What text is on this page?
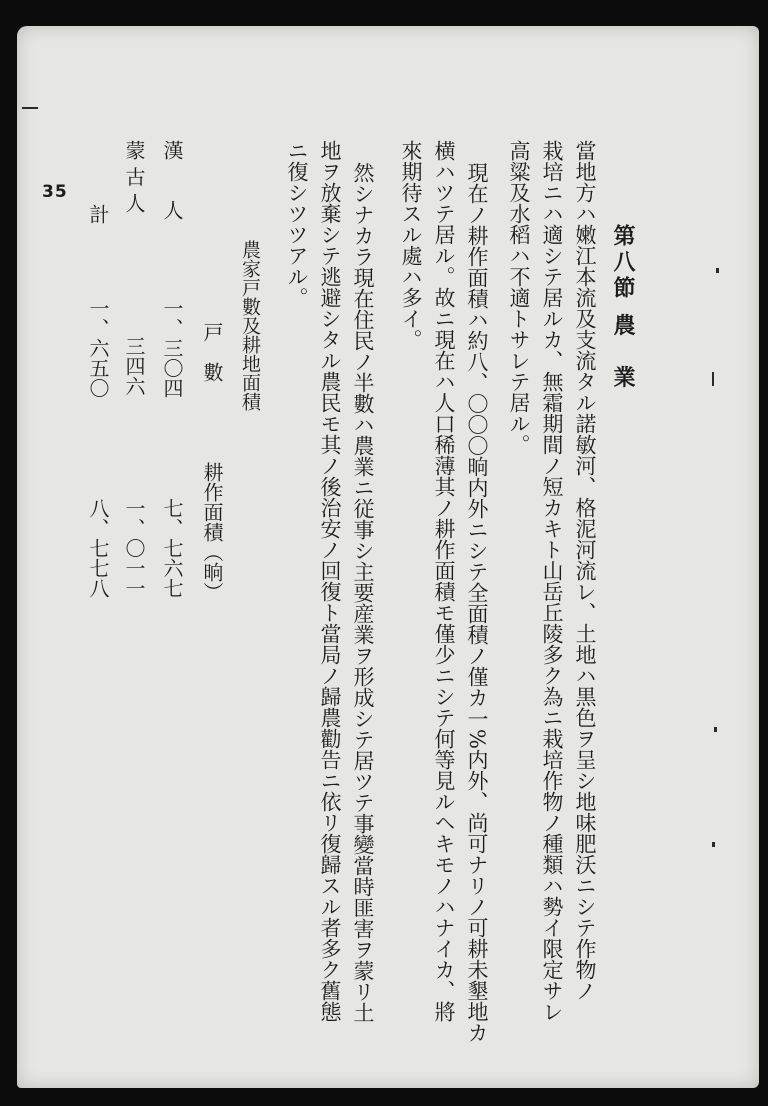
35
第八節 農　業
當地方ハ嫩江本流及支流タル諾敏河、格泥河流レ、土地ハ黒色ヲ呈シ地味肥沃ニシテ作物ノ
栽培ニハ適シテ居ルカ、無霜期間ノ短カキト山岳丘陵多ク為ニ栽培作物ノ種類ハ勢イ限定サレ
高粱及水稻ハ不適トサレテ居ル。
現在ノ耕作面積ハ約八、〇〇〇晌内外ニシテ全面積ノ僅カ一%内外、尚可ナリノ可耕未墾地カ
横ハツテ居ル。故ニ現在ハ人口稀薄其ノ耕作面積モ僅少ニシテ何等見ルヘキモノハナイカ、將
來期待スル處ハ多イ。
然シナカラ現在住民ノ半數ハ農業ニ従事シ主要産業ヲ形成シテ居ツテ事變當時匪害ヲ蒙リ土
地ヲ放棄シテ逃避シタル農民モ其ノ後治安ノ回復ト當局ノ歸農勸告ニ依リ復歸スル者多ク舊態
ニ復シツツアル。
農家戸數及耕地面積
戸　數
耕作面積（晌）
漢　　人
一、三〇四
七、七六七
蒙 古 人
三四六
一、〇一一
計
一、六五〇
八、七七八
